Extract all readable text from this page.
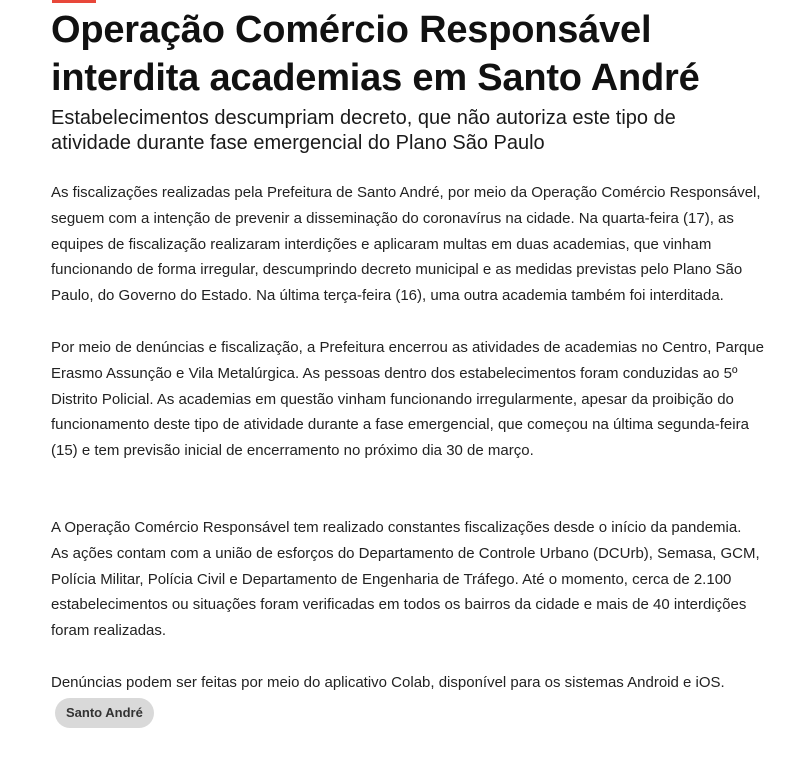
Operação Comércio Responsável interdita academias em Santo André
Estabelecimentos descumpriam decreto, que não autoriza este tipo de atividade durante fase emergencial do Plano São Paulo

As fiscalizações realizadas pela Prefeitura de Santo André, por meio da Operação Comércio Responsável, seguem com a intenção de prevenir a disseminação do coronavírus na cidade. Na quarta-feira (17), as equipes de fiscalização realizaram interdições e aplicaram multas em duas academias, que vinham funcionando de forma irregular, descumprindo decreto municipal e as medidas previstas pelo Plano São Paulo, do Governo do Estado. Na última terça-feira (16), uma outra academia também foi interditada.

Por meio de denúncias e fiscalização, a Prefeitura encerrou as atividades de academias no Centro, Parque Erasmo Assunção e Vila Metalúrgica. As pessoas dentro dos estabelecimentos foram conduzidas ao 5º Distrito Policial. As academias em questão vinham funcionando irregularmente, apesar da proibição do funcionamento deste tipo de atividade durante a fase emergencial, que começou na última segunda-feira (15) e tem previsão inicial de encerramento no próximo dia 30 de março.

A Operação Comércio Responsável tem realizado constantes fiscalizações desde o início da pandemia. As ações contam com a união de esforços do Departamento de Controle Urbano (DCUrb), Semasa, GCM, Polícia Militar, Polícia Civil e Departamento de Engenharia de Tráfego. Até o momento, cerca de 2.100 estabelecimentos ou situações foram verificadas em todos os bairros da cidade e mais de 40 interdições foram realizadas.

Denúncias podem ser feitas por meio do aplicativo Colab, disponível para os sistemas Android e iOS.

Santo André
